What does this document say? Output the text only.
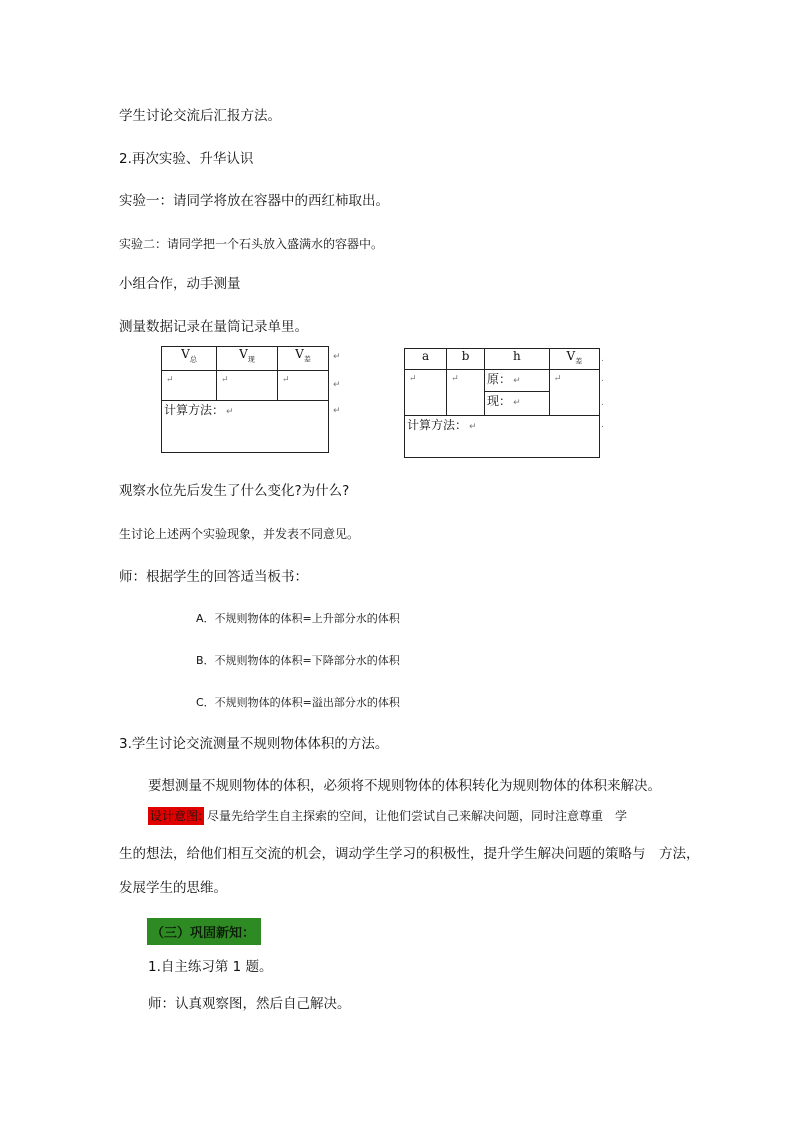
学生讨论交流后汇报方法。
2.再次实验、升华认识
实验一：请同学将放在容器中的西红柿取出。
实验二：请同学把一个石头放入盛满水的容器中。
小组合作，动手测量
测量数据记录在量筒记录单里。
$V_总$	$V_现$	$V_差$
↵	↵	↵
计算方法： ↵		
↵
↵
↵
a	b	h	$V_差$
↵	↵	原： ↵	↵
		现： ↵	
计算方法： ↵			
.
.
.
.
观察水位先后发生了什么变化?为什么?
生讨论上述两个实验现象，并发表不同意见。
师：根据学生的回答适当板书：
A．不规则物体的体积=上升部分水的体积
B．不规则物体的体积=下降部分水的体积
C．不规则物体的体积=溢出部分水的体积
3.学生讨论交流测量不规则物体体积的方法。
要想测量不规则物体的体积，必须将不规则物体的体积转化为规则物体的体积来解决。
设计意图: 尽量先给学生自主探索的空间，让他们尝试自己来解决问题，同时注意尊重　学
生的想法，给他们相互交流的机会，调动学生学习的积极性，提升学生解决问题的策略与　方法，
发展学生的思维。
（三）巩固新知：
1.自主练习第 1 题。
师：认真观察图，然后自己解决。
